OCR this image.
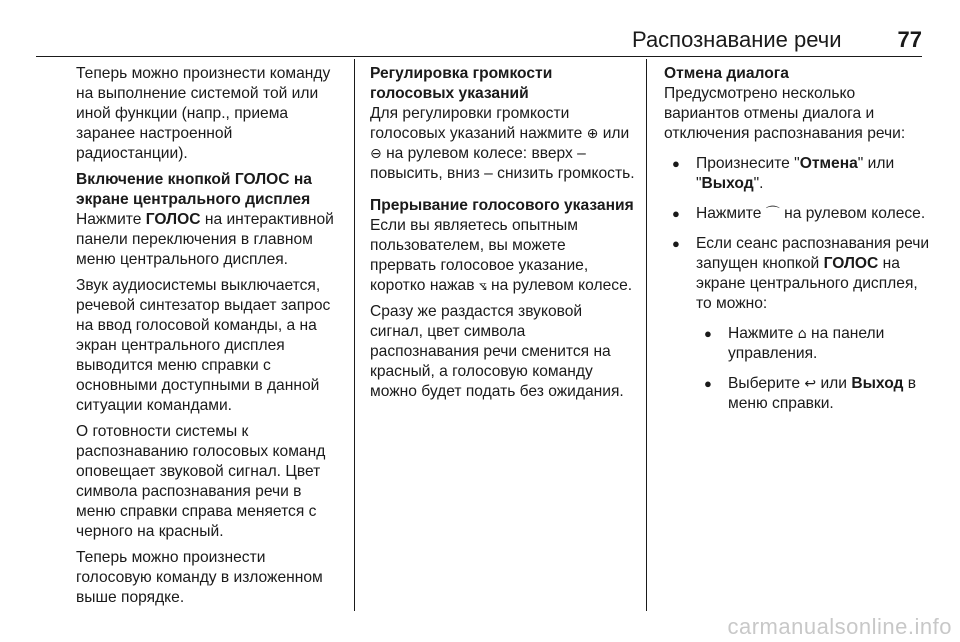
Распознавание речи	77

Теперь можно произнести команду на выполнение системой той или иной функции (напр., приема заранее настроенной радиостанции).

Включение кнопкой ГОЛОС на экране центрального дисплея

Нажмите ГОЛОС на интерактивной панели переключения в главном меню центрального дисплея.

Звук аудиосистемы выключается, речевой синтезатор выдает запрос на ввод голосовой команды, а на экран центрального дисплея выводится меню справки с основными доступными в данной ситуации командами.

О готовности системы к распознаванию голосовых команд оповещает звуковой сигнал. Цвет символа распознавания речи в меню справки справа меняется с черного на красный.

Теперь можно произнести голосовую команду в изложенном выше порядке.

Регулировка громкости голосовых указаний

Для регулировки громкости голосовых указаний нажмите ⊕ или ⊖ на рулевом колесе: вверх – повысить, вниз – снизить громкость.

Прерывание голосового указания

Если вы являетесь опытным пользователем, вы можете прервать голосовое указание, коротко нажав ⦪ на рулевом колесе.

Сразу же раздастся звуковой сигнал, цвет символа распознавания речи сменится на красный, а голосовую команду можно будет подать без ожидания.

Отмена диалога

Предусмотрено несколько вариантов отмены диалога и отключения распознавания речи:

● Произнесите "Отмена" или "Выход".
● Нажмите ⌒ на рулевом колесе.
● Если сеанс распознавания речи запущен кнопкой ГОЛОС на экране центрального дисплея, то можно:
● Нажмите ⌂ на панели управления.
● Выберите ↩ или Выход в меню справки.
carmanualsonline.info
